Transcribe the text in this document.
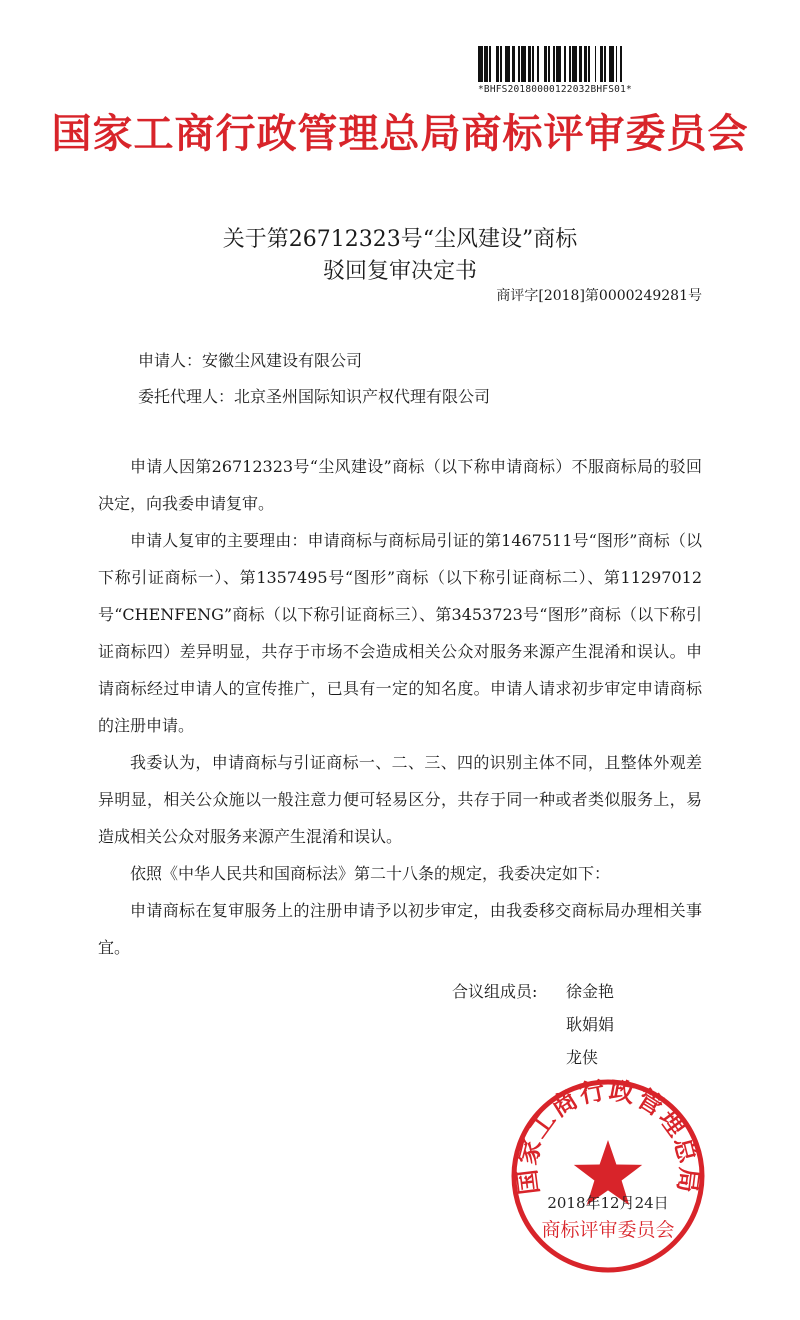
*BHFS20180000122032BHFS01*
国家工商行政管理总局商标评审委员会
关于第26712323号“尘风建设”商标
驳回复审决定书
商评字[2018]第0000249281号
申请人：安徽尘风建设有限公司
委托代理人：北京圣州国际知识产权代理有限公司

申请人因第26712323号“尘风建设”商标（以下称申请商标）不服商标局的驳回决定，向我委申请复审。

申请人复审的主要理由：申请商标与商标局引证的第1467511号“图形”商标（以下称引证商标一）、第1357495号“图形”商标（以下称引证商标二）、第11297012号“CHENFENG”商标（以下称引证商标三）、第3453723号“图形”商标（以下称引证商标四）差异明显，共存于市场不会造成相关公众对服务来源产生混淆和误认。申请商标经过申请人的宣传推广，已具有一定的知名度。申请人请求初步审定申请商标的注册申请。

我委认为，申请商标与引证商标一、二、三、四的识别主体不同，且整体外观差异明显，相关公众施以一般注意力便可轻易区分，共存于同一种或者类似服务上，易造成相关公众对服务来源产生混淆和误认。

依照《中华人民共和国商标法》第二十八条的规定，我委决定如下：

申请商标在复审服务上的注册申请予以初步审定，由我委移交商标局办理相关事宜。

合议组成员: 徐金艳
耿娟娟
龙侠
国家工商行政管理总局
商标评审委员会
2018年12月24日
